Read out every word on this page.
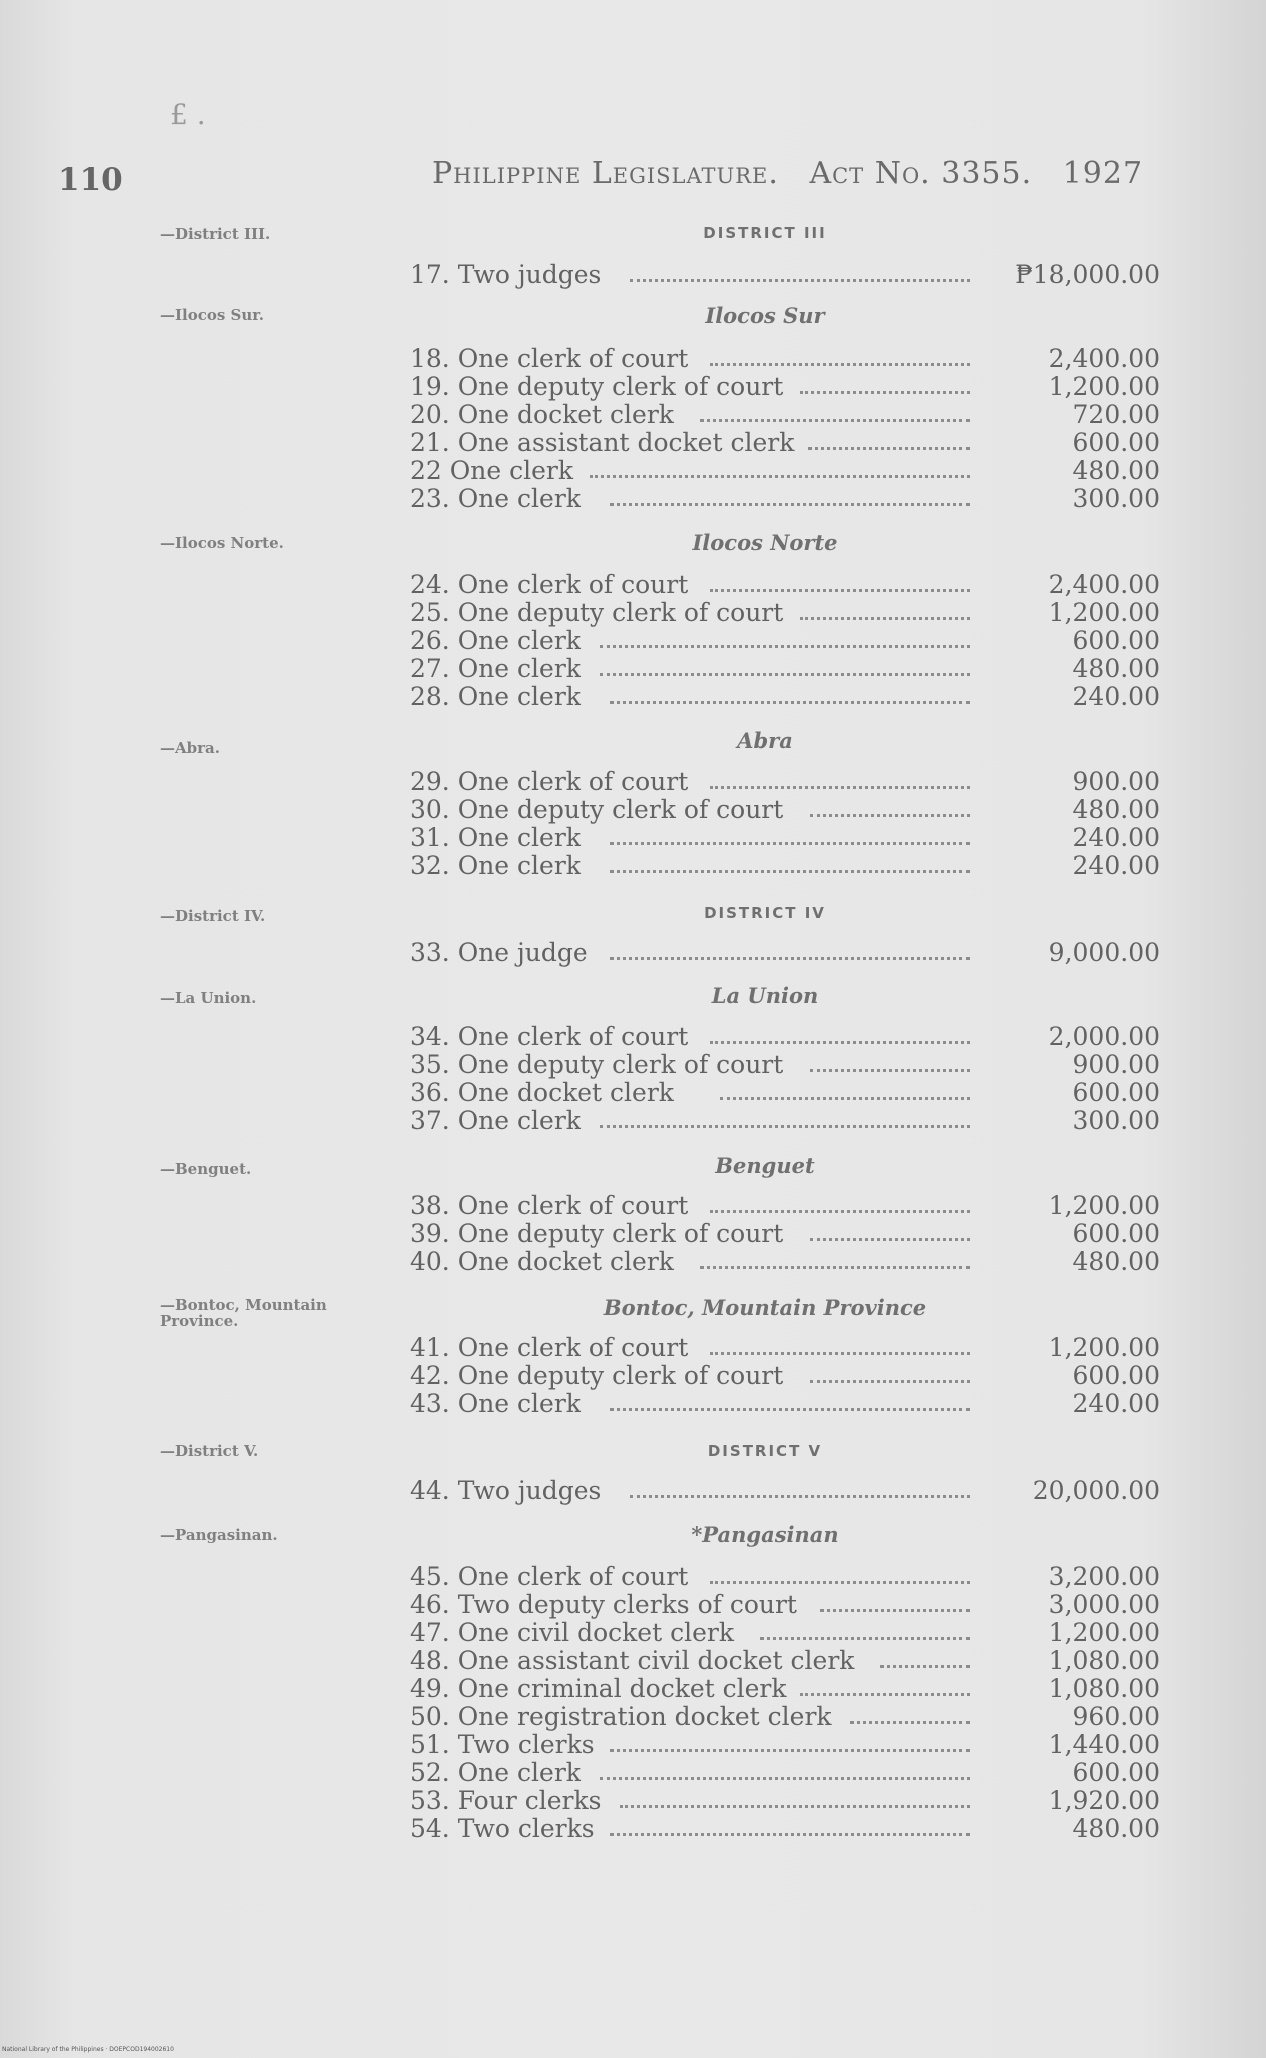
£ .
110	Philippine Legislature. Act No. 3355. 1927
—District III.
—Ilocos Sur.
—Ilocos Norte.
—Abra.
—District IV.
—La Union.
—Benguet.
—Bontoc, Mountain Province.
—District V.
—Pangasinan.
DISTRICT III
Ilocos Sur
Ilocos Norte
Abra
DISTRICT IV
La Union
Benguet
Bontoc, Mountain Province
DISTRICT V
*Pangasinan
17. Two judges	₱18,000.00
18. One clerk of court	2,400.00
19. One deputy clerk of court	1,200.00
20. One docket clerk	720.00
21. One assistant docket clerk	600.00
22 One clerk	480.00
23. One clerk	300.00
24. One clerk of court	2,400.00
25. One deputy clerk of court	1,200.00
26. One clerk	600.00
27. One clerk	480.00
28. One clerk	240.00
29. One clerk of court	900.00
30. One deputy clerk of court	480.00
31. One clerk	240.00
32. One clerk	240.00
33. One judge	9,000.00
34. One clerk of court	2,000.00
35. One deputy clerk of court	900.00
36. One docket clerk	600.00
37. One clerk	300.00
38. One clerk of court	1,200.00
39. One deputy clerk of court	600.00
40. One docket clerk	480.00
41. One clerk of court	1,200.00
42. One deputy clerk of court	600.00
43. One clerk	240.00
44. Two judges	20,000.00
45. One clerk of court	3,200.00
46. Two deputy clerks of court	3,000.00
47. One civil docket clerk	1,200.00
48. One assistant civil docket clerk	1,080.00
49. One criminal docket clerk	1,080.00
50. One registration docket clerk	960.00
51. Two clerks	1,440.00
52. One clerk	600.00
53. Four clerks	1,920.00
54. Two clerks	480.00
National Library of the Philippines · DOEPCOD194002610
